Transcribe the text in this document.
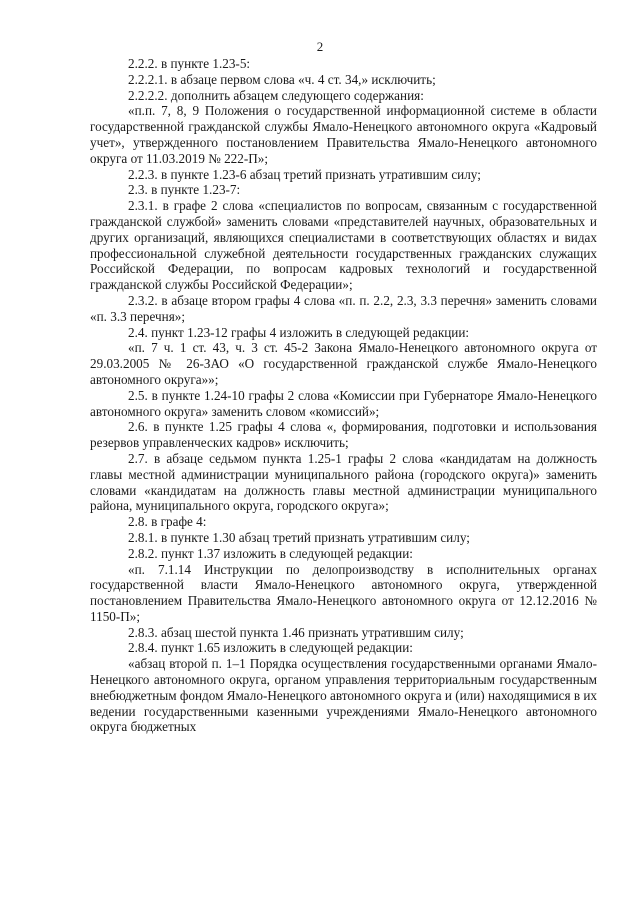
2

2.2.2. в пункте 1.23-5:

2.2.2.1. в абзаце первом слова «ч. 4 ст. 34,» исключить;

2.2.2.2. дополнить абзацем следующего содержания:

«п.п. 7, 8, 9 Положения о государственной информационной системе в области государственной гражданской службы Ямало-Ненецкого автономного округа «Кадровый учет», утвержденного постановлением Правительства Ямало-Ненецкого автономного округа от 11.03.2019 № 222-П»;

2.2.3. в пункте 1.23-6 абзац третий признать утратившим силу;

2.3. в пункте 1.23-7:

2.3.1. в графе 2 слова «специалистов по вопросам, связанным с государственной гражданской службой» заменить словами «представителей научных, образовательных и других организаций, являющихся специалистами в соответствующих областях и видах профессиональной служебной деятельности государственных гражданских служащих Российской Федерации, по вопросам кадровых технологий и государственной гражданской службы Российской Федерации»;

2.3.2. в абзаце втором графы 4 слова «п. п. 2.2, 2.3, 3.3 перечня» заменить словами «п. 3.3 перечня»;

2.4. пункт 1.23-12 графы 4 изложить в следующей редакции:

«п. 7 ч. 1 ст. 43, ч. 3 ст. 45-2 Закона Ямало-Ненецкого автономного округа от 29.03.2005 № 26-ЗАО «О государственной гражданской службе Ямало-Ненецкого автономного округа»»;

2.5. в пункте 1.24-10 графы 2 слова «Комиссии при Губернаторе Ямало-Ненецкого автономного округа» заменить словом «комиссий»;

2.6. в пункте 1.25 графы 4 слова «, формирования, подготовки и использования резервов управленческих кадров» исключить;

2.7. в абзаце седьмом пункта 1.25-1 графы 2 слова «кандидатам на должность главы местной администрации муниципального района (городского округа)» заменить словами «кандидатам на должность главы местной администрации муниципального района, муниципального округа, городского округа»;

2.8. в графе 4:

2.8.1. в пункте 1.30 абзац третий признать утратившим силу;

2.8.2. пункт 1.37 изложить в следующей редакции:

«п. 7.1.14 Инструкции по делопроизводству в исполнительных органах государственной власти Ямало-Ненецкого автономного округа, утвержденной постановлением Правительства Ямало-Ненецкого автономного округа от 12.12.2016 № 1150-П»;

2.8.3. абзац шестой пункта 1.46 признать утратившим силу;

2.8.4. пункт 1.65 изложить в следующей редакции:

«абзац второй п. 1–1 Порядка осуществления государственными органами Ямало-Ненецкого автономного округа, органом управления территориальным государственным внебюджетным фондом Ямало-Ненецкого автономного округа и (или) находящимися в их ведении государственными казенными учреждениями Ямало-Ненецкого автономного округа бюджетных
